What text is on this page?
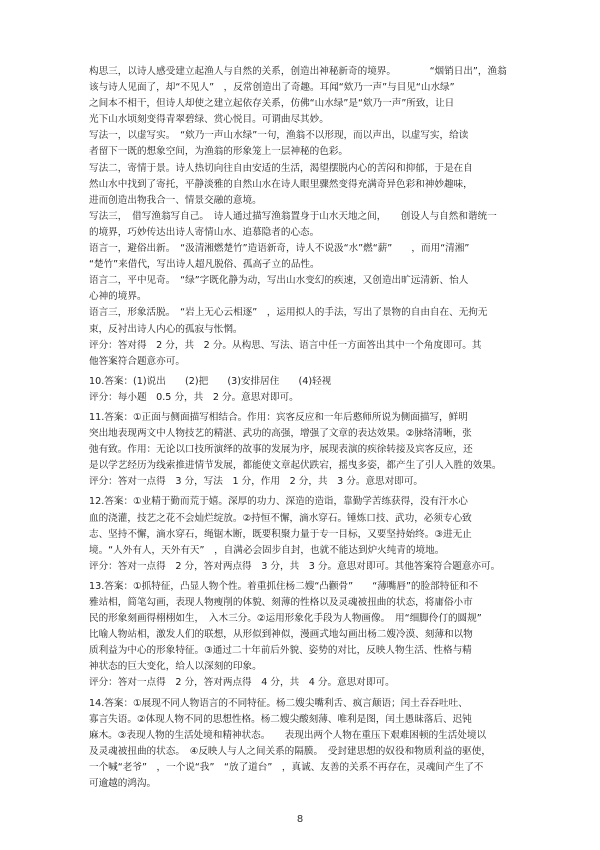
构思三，以诗人感受建立起渔人与自然的关系，创造出神秘新奇的境界。　　　　“烟销日出”，渔翁
该与诗人见面了，却“不见人”　，反常创造出了奇趣。耳闻“欸乃一声”与目见“山水绿”
之间本不相干，但诗人却使之建立起依存关系，仿佛“山水绿”是“欸乃一声”所致，让日
光下山水顷刻变得青翠碧绿、赏心悦目。可谓曲尽其妙。
写法一，以虚写实。　“欸乃一声山水绿”一句，渔翁不以形现，而以声出，以虚写实，给读
者留下一既的想象空间，为渔翁的形象笼上一层神秘的色彩。
写法二，寄情于景。诗人热切向往自由安适的生活，渴望摆脱内心的苦闷和抑郁，于是在自
然山水中找到了寄托，平静淡雅的自然山水在诗人眼里骤然变得充满奇异色彩和神妙趣味，
进而创造出物我合一、情景交融的意境。
写法三，　借写渔翁写自己。　诗人通过描写渔翁置身于山水天地之间，　　创设人与自然和谐统一
的境界，巧妙传达出诗人寄情山水、追慕隐者的心态。
语言一，避俗出新。　“汲清湘燃楚竹”造语新奇，诗人不说汲“水”燃“薪”　　，而用“清湘”
“楚竹”来借代，写出诗人超凡脱俗、孤高孑立的品性。
语言二，平中见奇。　“绿”字既化静为动，写出山水变幻的疾速，又创造出旷远清新、怡人
心神的境界。
语言三，形象活脱。　“岩上无心云相逐”　，运用拟人的手法，写出了景物的自由自在、无拘无
束，反衬出诗人内心的孤寂与怅惘。
评分：答对得　2 分，共　2 分。从构思、写法、语言中任一方面答出其中一个角度即可。其
他答案符合题意亦可。
10.答案：(1)说出　　(2)把　　(3)安排居住　　(4)轻视
评分：每小题　0.5 分，共　2 分。意思对即可。
11.答案：①正面与侧面描写相结合。作用：宾客反应和一年后憨师所说为侧面描写，鲜明
突出地表现两文中人物技艺的精湛、武功的高强，增强了文章的表达效果。②脉络清晰，张
弛有致。作用：无论以口技所演绎的故事的发展为序，展现表演的疾徐转接及宾客反应，还
是以学艺经历为线索推进情节发展，都能使文章起伏跌宕，摇曳多姿，都产生了引人入胜的效果。
评分：答对一点得　3 分，写法　1 分，作用　2 分，共　3 分。意思对即可。
12.答案：①业精于勤而荒于嬉。深厚的功力、深造的造诣，靠勤学苦练获得，没有汗水心
血的浇灌，技艺之花不会灿烂绽放。②持恒不懈，滴水穿石。锤炼口技、武功，必须专心致
志、坚持不懈，滴水穿石，绳锯木断，既要积聚力量于专一目标，又要坚持始终。③进无止
境。“人外有人，天外有天”　，自满必会固步自封，也就不能达到炉火纯青的境地。
评分：答对一点得　2 分，答对两点得　3 分，共　3 分。意思对即可。其他答案符合题意亦可。
13.答案：①抓特征，凸显人物个性。着重抓住杨二嫂“凸颧骨”　　“薄嘴唇”的脸部特征和不
雅站相，简笔勾画，表现人物瘦削的体貌、刻薄的性格以及灵魂被扭曲的状态，将庸俗小市
民的形象刻画得栩栩如生，　入木三分。②运用形象化手段为人物画像。　用“细脚伶仃的圆规”
比喻人物站相，激发人们的联想，从形似到神似，漫画式地勾画出杨二嫂冷漠、刻薄和以物
质利益为中心的形象特征。③通过二十年前后外貌、姿势的对比，反映人物生活、性格与精
神状态的巨大变化，给人以深刻的印象。
评分：答对一点得　2 分，答对两点得　4 分，共　4 分。意思对即可。
14.答案：①展现不同人物语言的不同特征。杨二嫂尖嘴利舌、疯言颠语；闰土吞吞吐吐、
寡言失语。②体现人物不同的思想性格。杨二嫂尖酸刻薄、唯利是图，闰土愚昧落后、迟钝
麻木。③表现人物的生活处境和精神状态。　　表现出两个人物在重压下艰难困顿的生活处境以
及灵魂被扭曲的状态。　④反映人与人之间关系的隔膜。　受封建思想的奴役和物质利益的驱使，
一个喊“老爷”　，一个说“我”　“放了道台”　，真诚、友善的关系不再存在，灵魂间产生了不
可逾越的鸿沟。
8
